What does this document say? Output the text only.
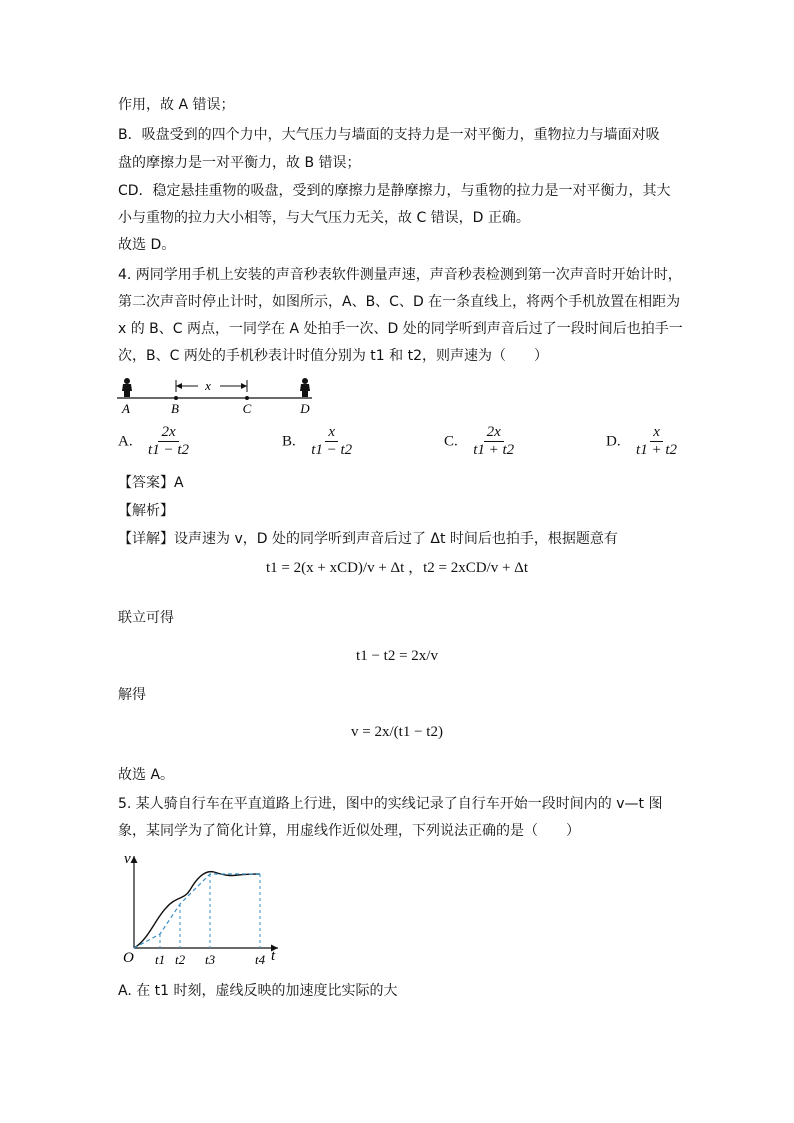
作用，故 A 错误；
B．吸盘受到的四个力中，大气压力与墙面的支持力是一对平衡力，重物拉力与墙面对吸
盘的摩擦力是一对平衡力，故 B 错误；
CD．稳定悬挂重物的吸盘，受到的摩擦力是静摩擦力，与重物的拉力是一对平衡力，其大
小与重物的拉力大小相等，与大气压力无关，故 C 错误，D 正确。
故选 D。
4. 两同学用手机上安装的声音秒表软件测量声速，声音秒表检测到第一次声音时开始计时，
第二次声音时停止计时，如图所示，A、B、C、D 在一条直线上，将两个手机放置在相距为
x 的 B、C 两点，一同学在 A 处拍手一次、D 处的同学听到声音后过了一段时间后也拍手一
次，B、C 两处的手机秒表计时值分别为 t1 和 t2，则声速为（　　）
x
A	B	C	D
A. $\frac{2x}{t1 - t2}$	B. $\frac{x}{t1 - t2}$	C. $\frac{2x}{t1 + t2}$	D. $\frac{x}{t1 + t2}$
【答案】A
【解析】
【详解】设声速为 v，D 处的同学听到声音后过了 Δt 时间后也拍手，根据题意有
t1 = 2(x + xCD)/v + Δt ，t2 = 2xCD/v + Δt
联立可得
t1 − t2 = 2x/v
解得
v = 2x/(t1 − t2)
故选 A。
5. 某人骑自行车在平直道路上行进，图中的实线记录了自行车开始一段时间内的 v—t 图
象，某同学为了简化计算，用虚线作近似处理，下列说法正确的是（　　）
v
O t1 t2 t3	t4 t
A. 在 t1 时刻，虚线反映的加速度比实际的大
